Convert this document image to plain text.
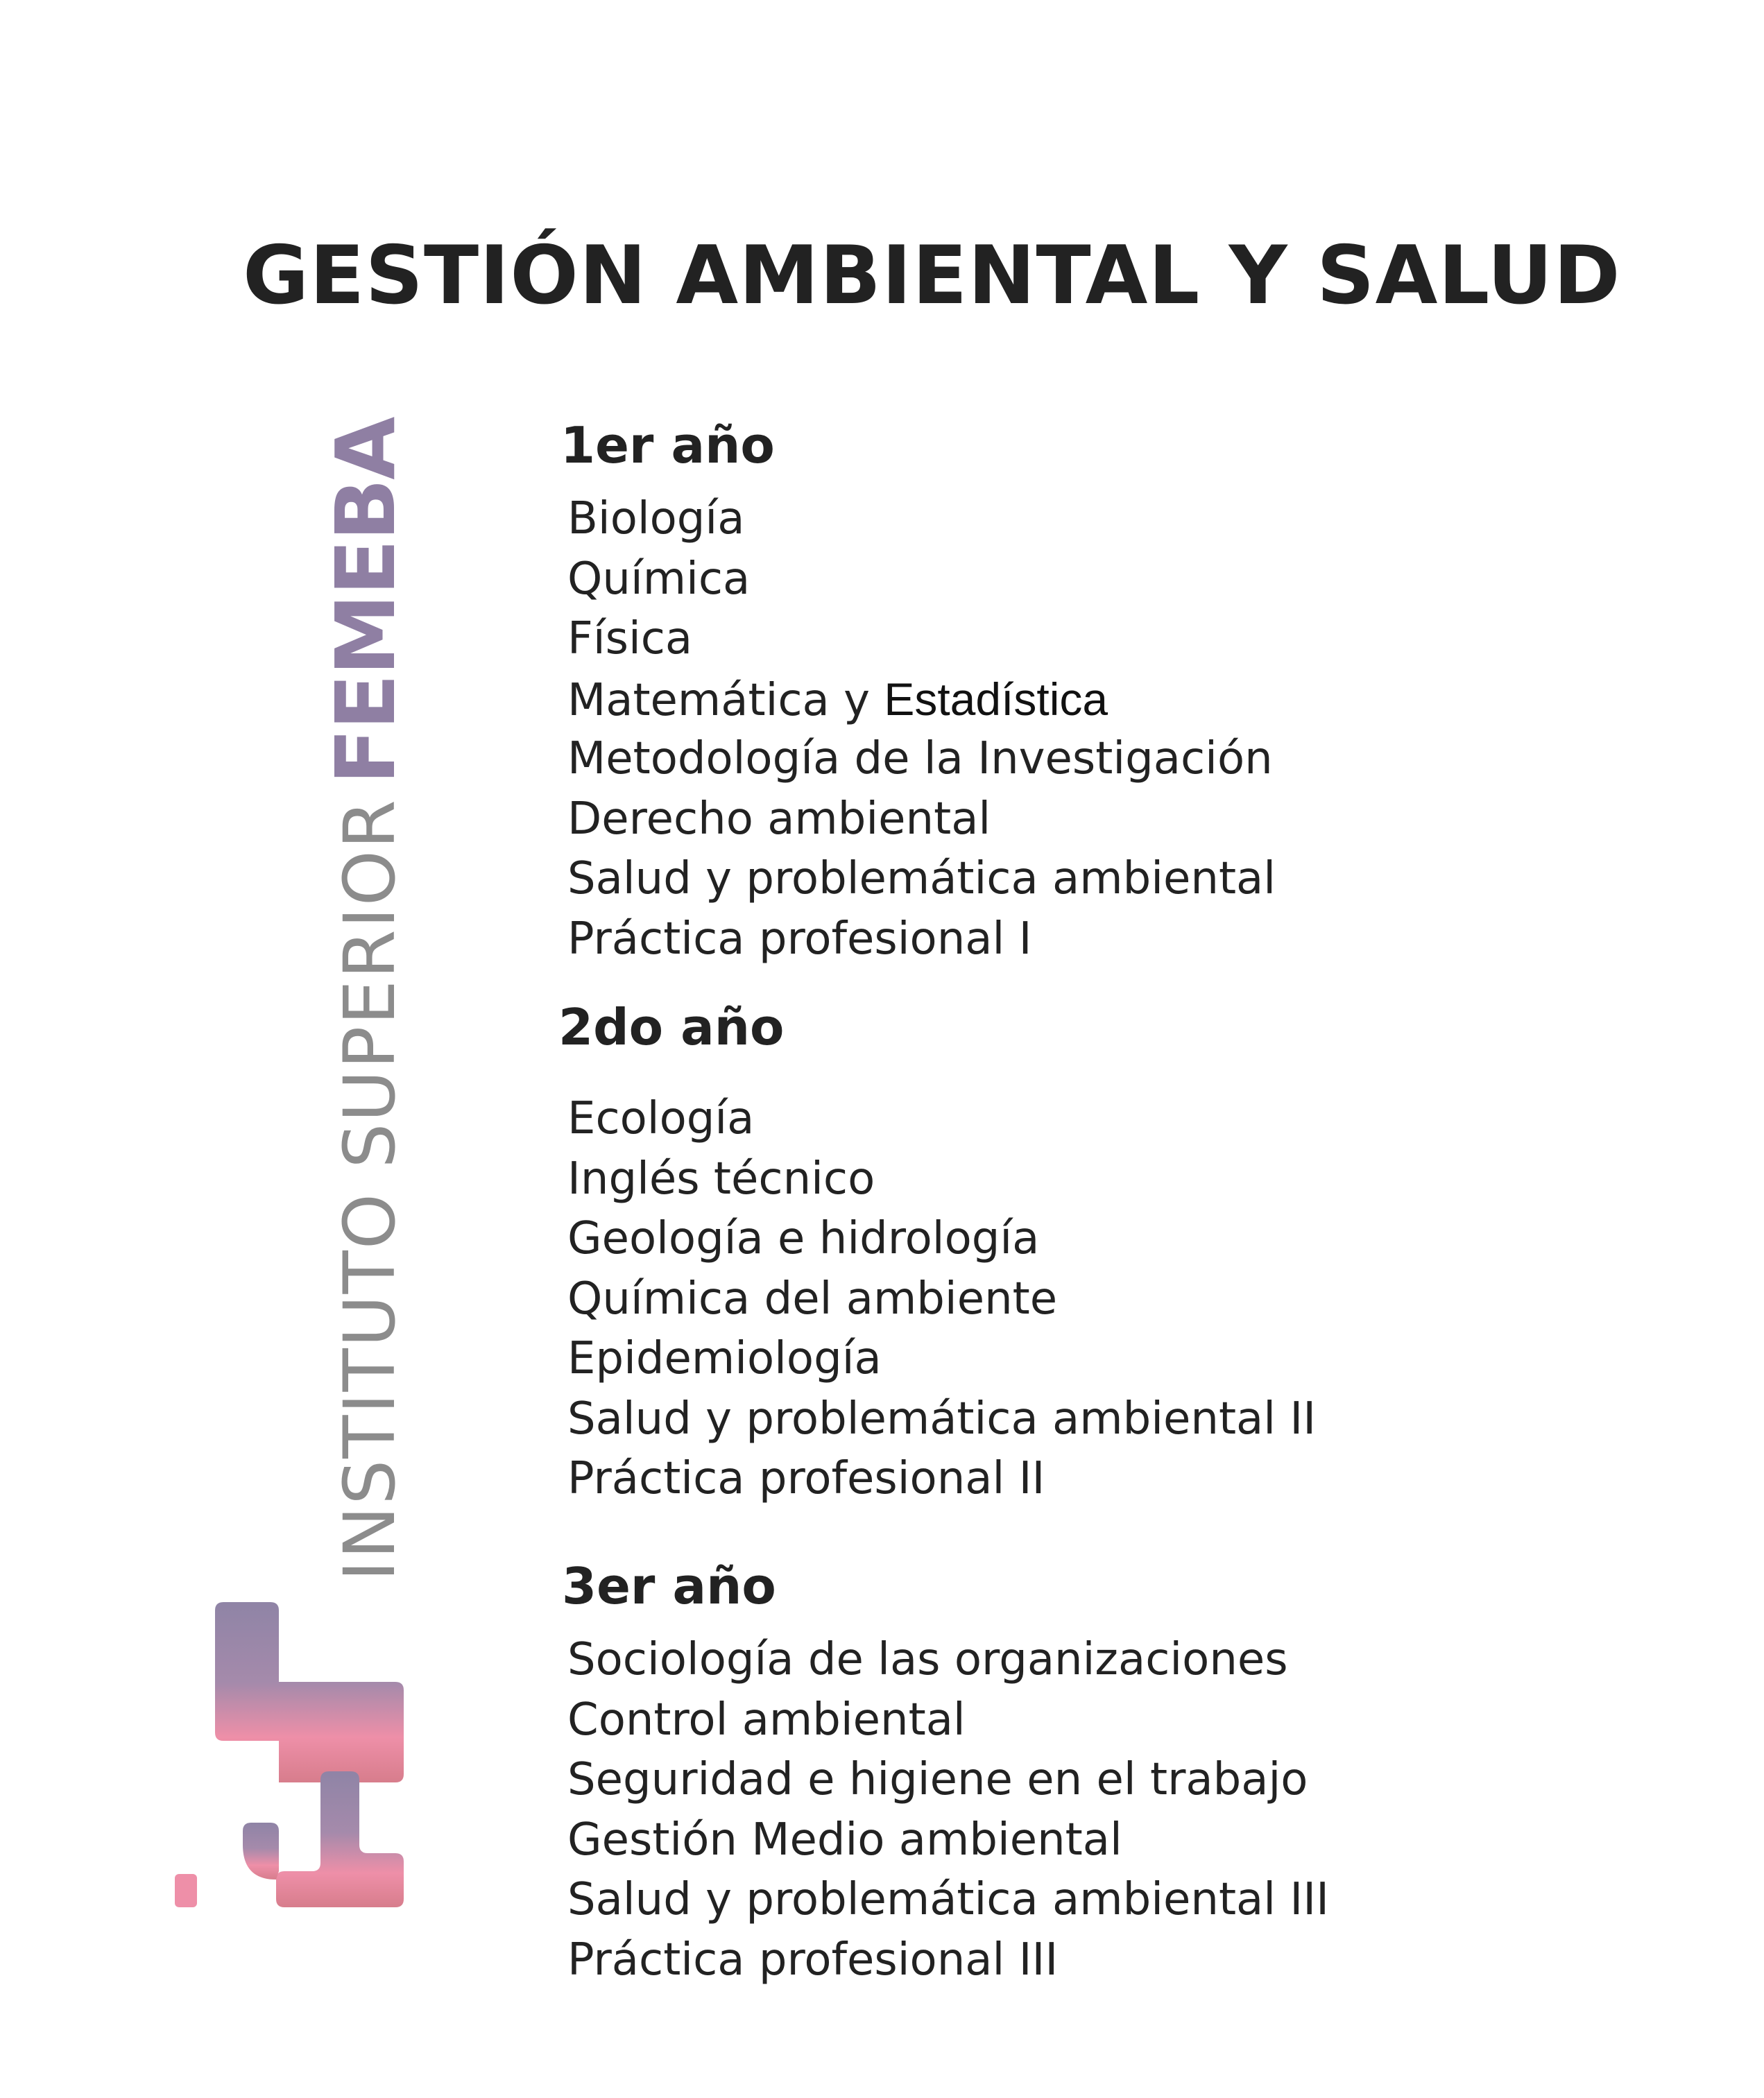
GESTIÓN AMBIENTAL Y SALUD
INSTITUTO SUPERIORFEMEBA	1er año
Biología
Química
Física
Matemática y Estadística
Metodología de la Investigación
Derecho ambiental
Salud y problemática ambiental
Práctica profesional I
2do año
Ecología
Inglés técnico
Geología e hidrología
Química del ambiente
Epidemiología
Salud y problemática ambiental II
Práctica profesional II
3er año
Sociología de las organizaciones
Control ambiental
Seguridad e higiene en el trabajo
Gestión Medio ambiental
Salud y problemática ambiental III
Práctica profesional III
